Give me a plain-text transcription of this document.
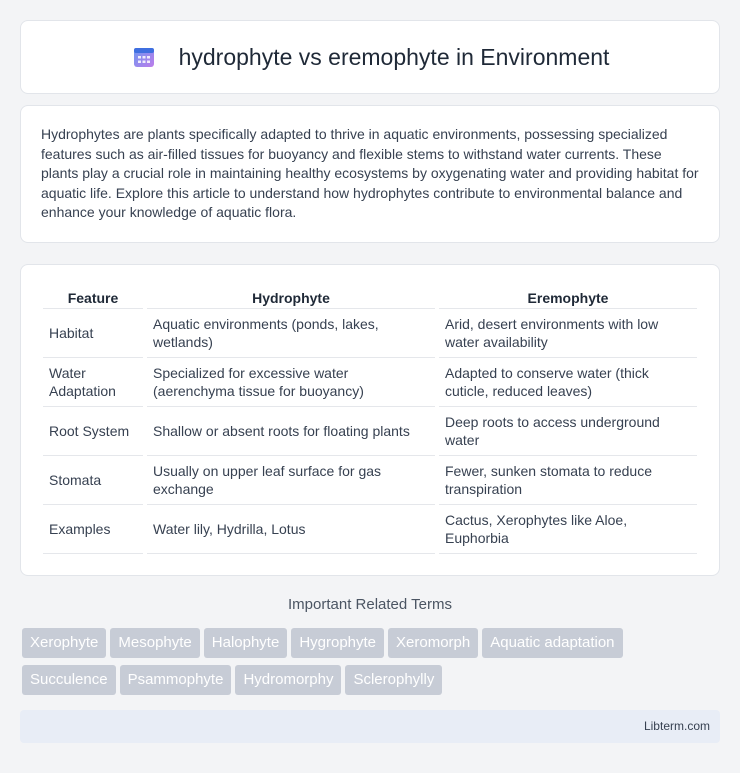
hydrophyte vs eremophyte in Environment

Hydrophytes are plants specifically adapted to thrive in aquatic environments, possessing specialized features such as air-filled tissues for buoyancy and flexible stems to withstand water currents. These plants play a crucial role in maintaining healthy ecosystems by oxygenating water and providing habitat for aquatic life. Explore this article to understand how hydrophytes contribute to environmental balance and enhance your knowledge of aquatic flora.

Feature	Hydrophyte	Eremophyte
Habitat	Aquatic environments (ponds, lakes, wetlands)	Arid, desert environments with low water availability
Water Adaptation	Specialized for excessive water (aerenchyma tissue for buoyancy)	Adapted to conserve water (thick cuticle, reduced leaves)
Root System	Shallow or absent roots for floating plants	Deep roots to access underground water
Stomata	Usually on upper leaf surface for gas exchange	Fewer, sunken stomata to reduce transpiration
Examples	Water lily, Hydrilla, Lotus	Cactus, Xerophytes like Aloe, Euphorbia
Important Related Terms
Xerophyte Mesophyte Halophyte Hygrophyte Xeromorph Aquatic adaptation
Succulence Psammophyte Hydromorphy Sclerophylly
Libterm.com
